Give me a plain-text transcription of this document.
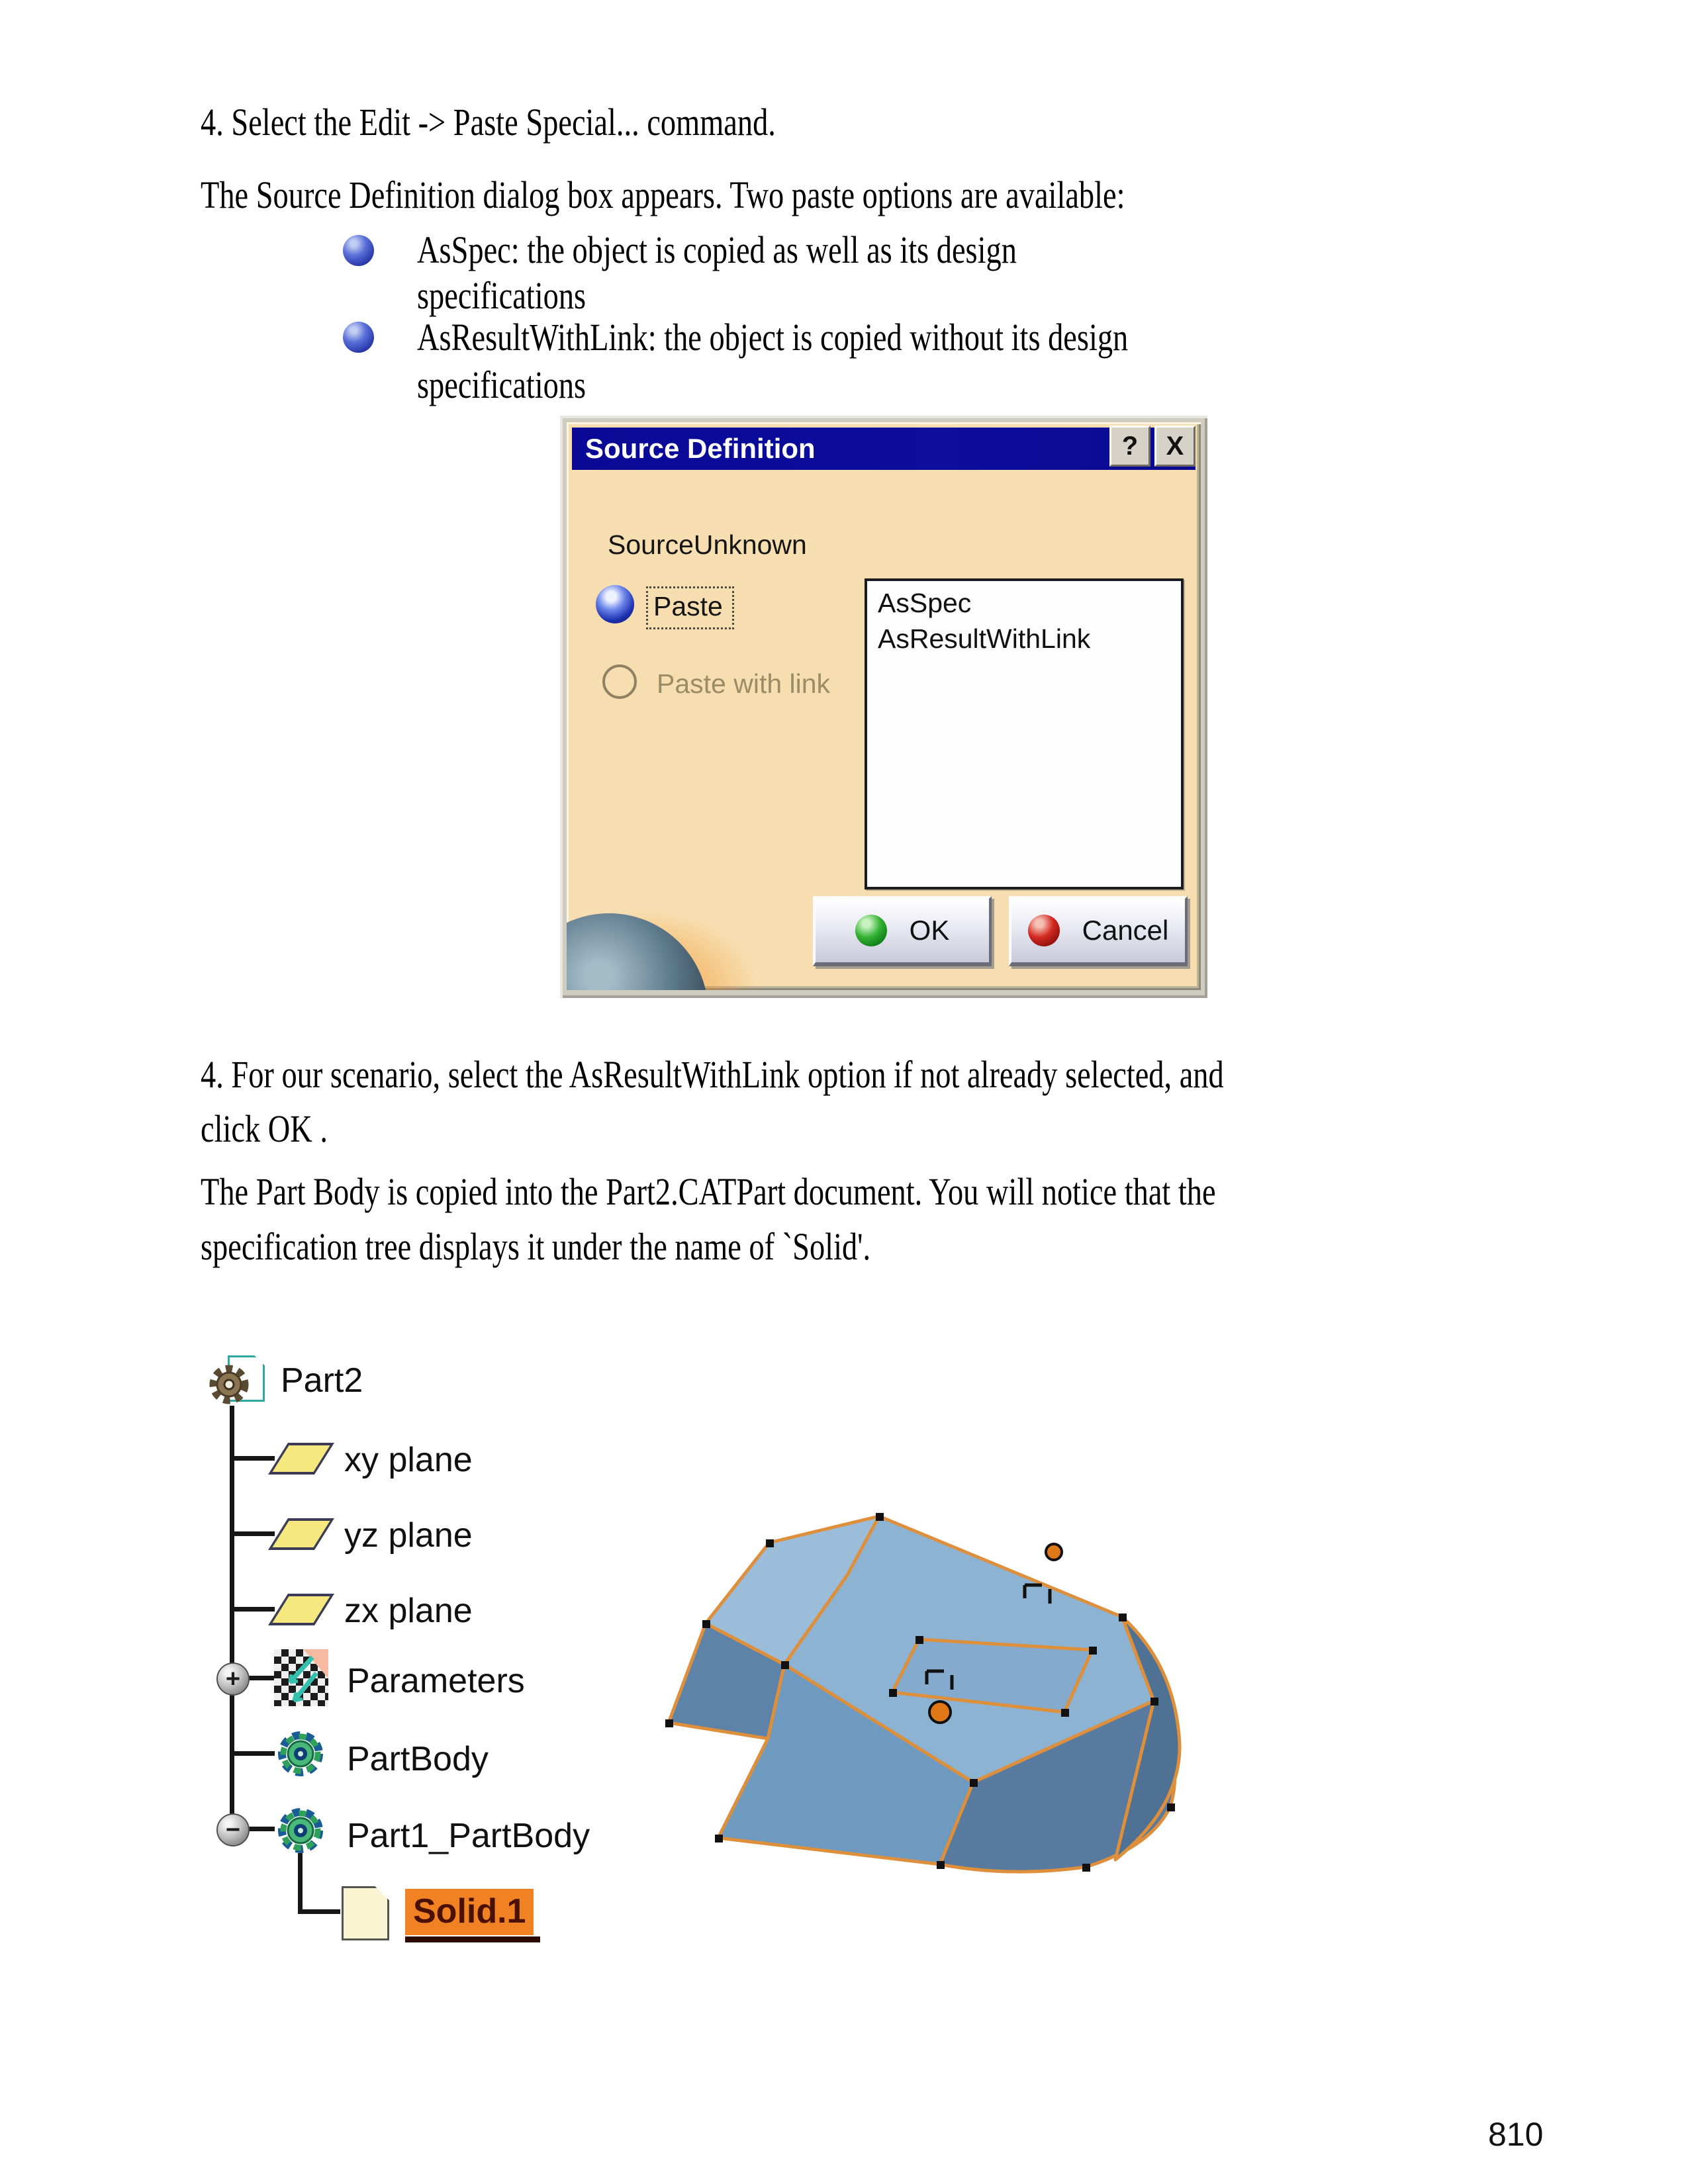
4. Select the Edit -> Paste Special... command.
The Source Definition dialog box appears. Two paste options are available:
AsSpec: the object is copied as well as its design
specifications
AsResultWithLink: the object is copied without its design
specifications
Source Definition	?	X
SourceUnknown
Paste
Paste with link
AsSpec
AsResultWithLink
OK	Cancel
4. For our scenario, select the AsResultWithLink option if not already selected, and
click OK .
The Part Body is copied into the Part2.CATPart document. You will notice that the
specification tree displays it under the name of `Solid'.
Part2
xy plane
yz plane
zx plane
+	Parameters
PartBody
−	Part1_PartBody
Solid.1
810
